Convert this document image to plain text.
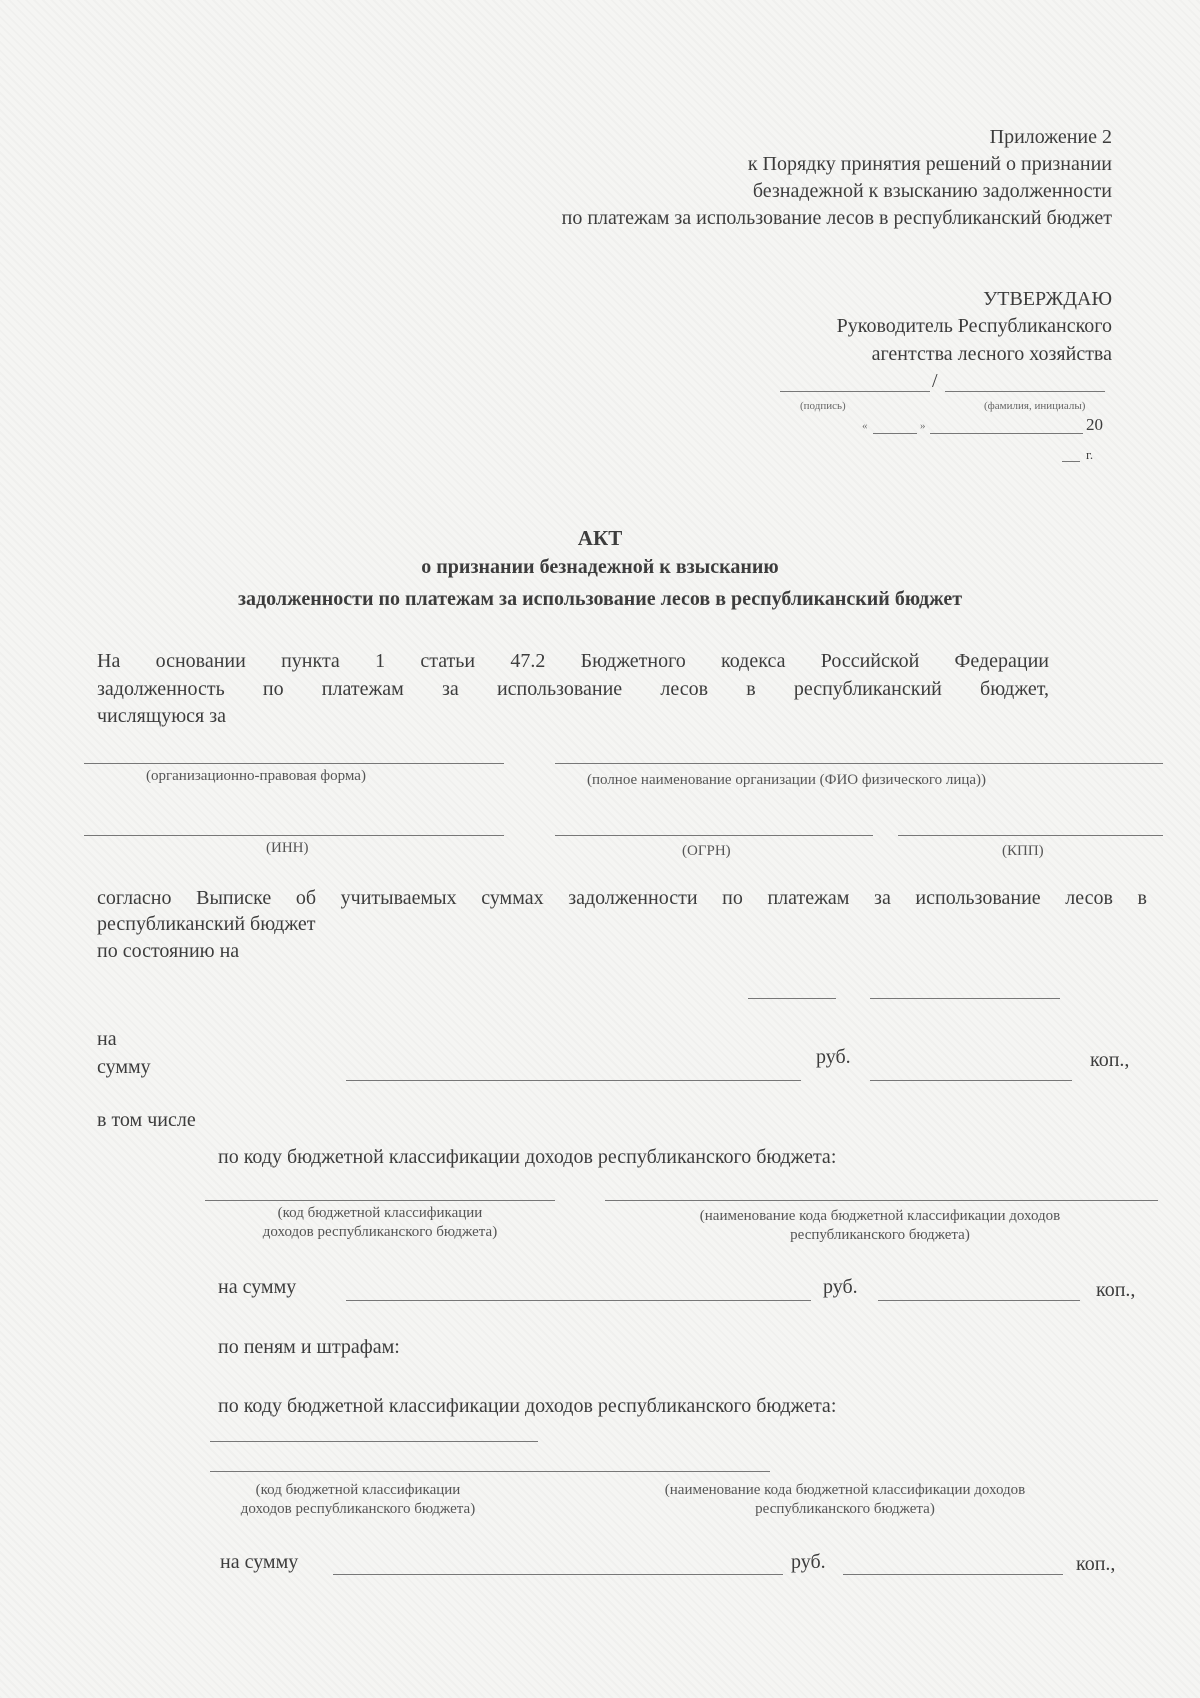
Приложение 2
к Порядку принятия решений о признании
безнадежной к взысканию задолженности
по платежам за использование лесов в республиканский бюджет
УТВЕРЖДАЮ
Руководитель Республиканского
агентства лесного хозяйства
/
(подпись)	(фамилия, инициалы)
«	»	20
г.
АКТ
о признании безнадежной к взысканию
задолженности по платежам за использование лесов в республиканский бюджет
На основании пункта 1 статьи 47.2 Бюджетного кодекса Российской Федерации
задолженность по платежам за использование лесов в республиканский бюджет,
числящуюся за
(организационно-правовая форма)	(полное наименование организации (ФИО физического лица))
(ИНН)	(ОГРН)	(КПП)
согласно Выписке об учитываемых суммах задолженности по платежам за использование лесов в
республиканский бюджет
по состоянию на
на
сумму	руб.	коп.,
в том числе
по коду бюджетной классификации доходов республиканского бюджета:
(код бюджетной классификации
доходов республиканского бюджета)
(наименование кода бюджетной классификации доходов
республиканского бюджета)
на сумму	руб.	коп.,
по пеням и штрафам:
по коду бюджетной классификации доходов республиканского бюджета:
(код бюджетной классификации
доходов республиканского бюджета)
(наименование кода бюджетной классификации доходов
республиканского бюджета)
на сумму	руб.	коп.,
